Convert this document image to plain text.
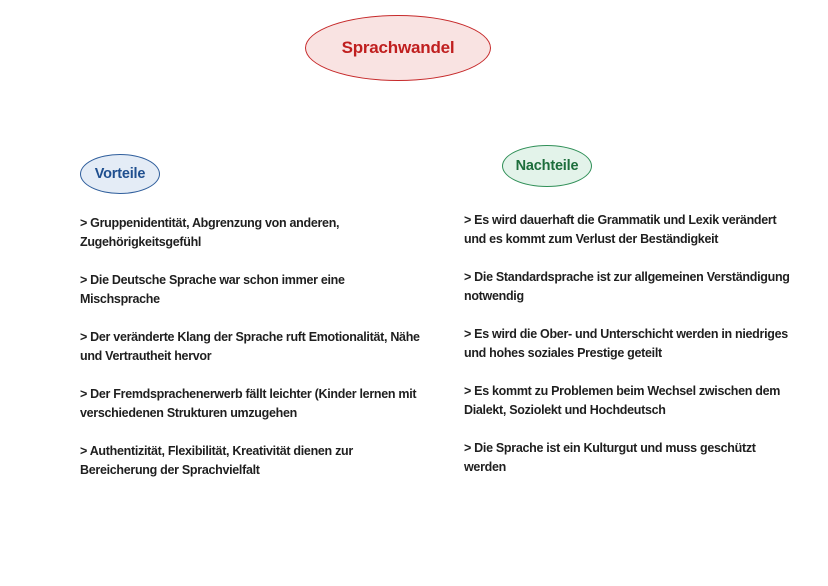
Sprachwandel
Vorteile	Nachteile
> Gruppenidentität, Abgrenzung von anderen, Zugehörigkeitsgefühl
> Die Deutsche Sprache war schon immer eine Mischsprache
> Der veränderte Klang der Sprache ruft Emotionalität, Nähe und Vertrautheit hervor
> Der Fremdsprachenerwerb fällt leichter (Kinder lernen mit verschiedenen Strukturen umzugehen
> Authentizität, Flexibilität, Kreativität dienen zur Bereicherung der Sprachvielfalt
> Es wird dauerhaft die Grammatik und Lexik verändert und es kommt zum Verlust der Beständigkeit
> Die Standardsprache ist zur allgemeinen Verständigung notwendig
> Es wird die Ober- und Unterschicht werden in niedriges und hohes soziales Prestige geteilt
> Es kommt zu Problemen beim Wechsel zwischen dem Dialekt, Soziolekt und Hochdeutsch
> Die Sprache ist ein Kulturgut und muss geschützt werden
